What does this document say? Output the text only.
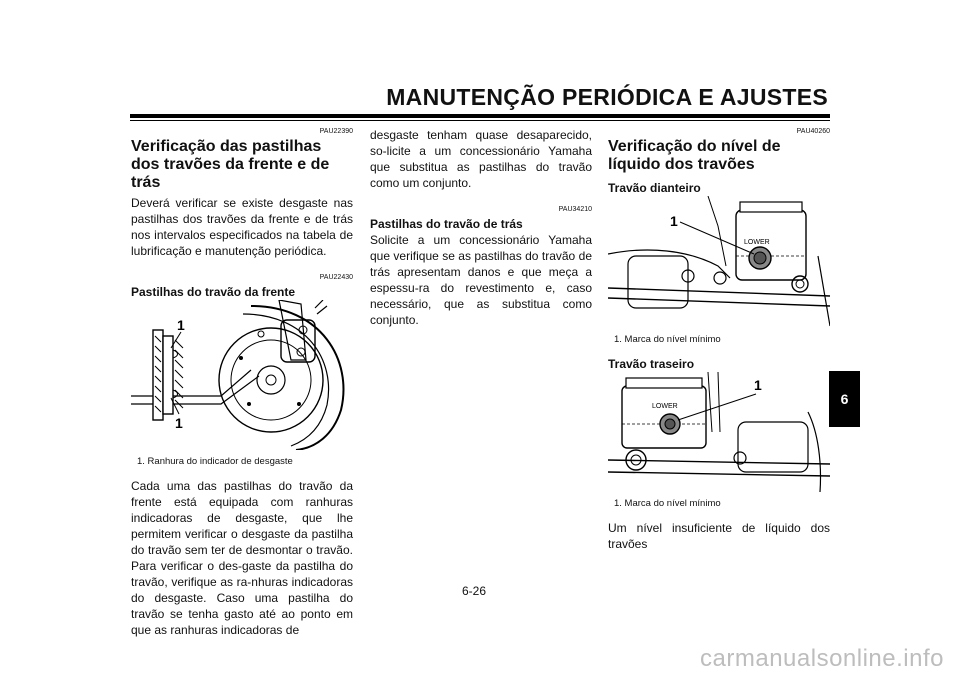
MANUTENÇÃO PERIÓDICA E AJUSTES
PAU22390
Verificação das pastilhas dos travões da frente e de trás

Deverá verificar se existe desgaste nas pastilhas dos travões da frente e de trás nos intervalos especificados na tabela de lubrificação e manutenção periódica.

PAU22430
Pastilhas do travão da frente
1
1
1. Ranhura do indicador de desgaste

Cada uma das pastilhas do travão da frente está equipada com ranhuras indicadoras de desgaste, que lhe permitem verificar o desgaste da pastilha do travão sem ter de desmontar o travão. Para verificar o des-gaste da pastilha do travão, verifique as ra-nhuras indicadoras do desgaste. Caso uma pastilha do travão se tenha gasto até ao ponto em que as ranhuras indicadoras de

desgaste tenham quase desaparecido, so-licite a um concessionário Yamaha que substitua as pastilhas do travão como um conjunto.

PAU34210
Pastilhas do travão de trás

Solicite a um concessionário Yamaha que verifique se as pastilhas do travão de trás apresentam danos e que meça a espessu-ra do revestimento e, caso necessário, que as substitua como conjunto.

PAU40260
Verificação do nível de líquido dos travões
Travão dianteiro
LOWER
1
1. Marca do nível mínimo
Travão traseiro
LOWER
1
1. Marca do nível mínimo

Um nível insuficiente de líquido dos travões

6
6-26
carmanualsonline.info
